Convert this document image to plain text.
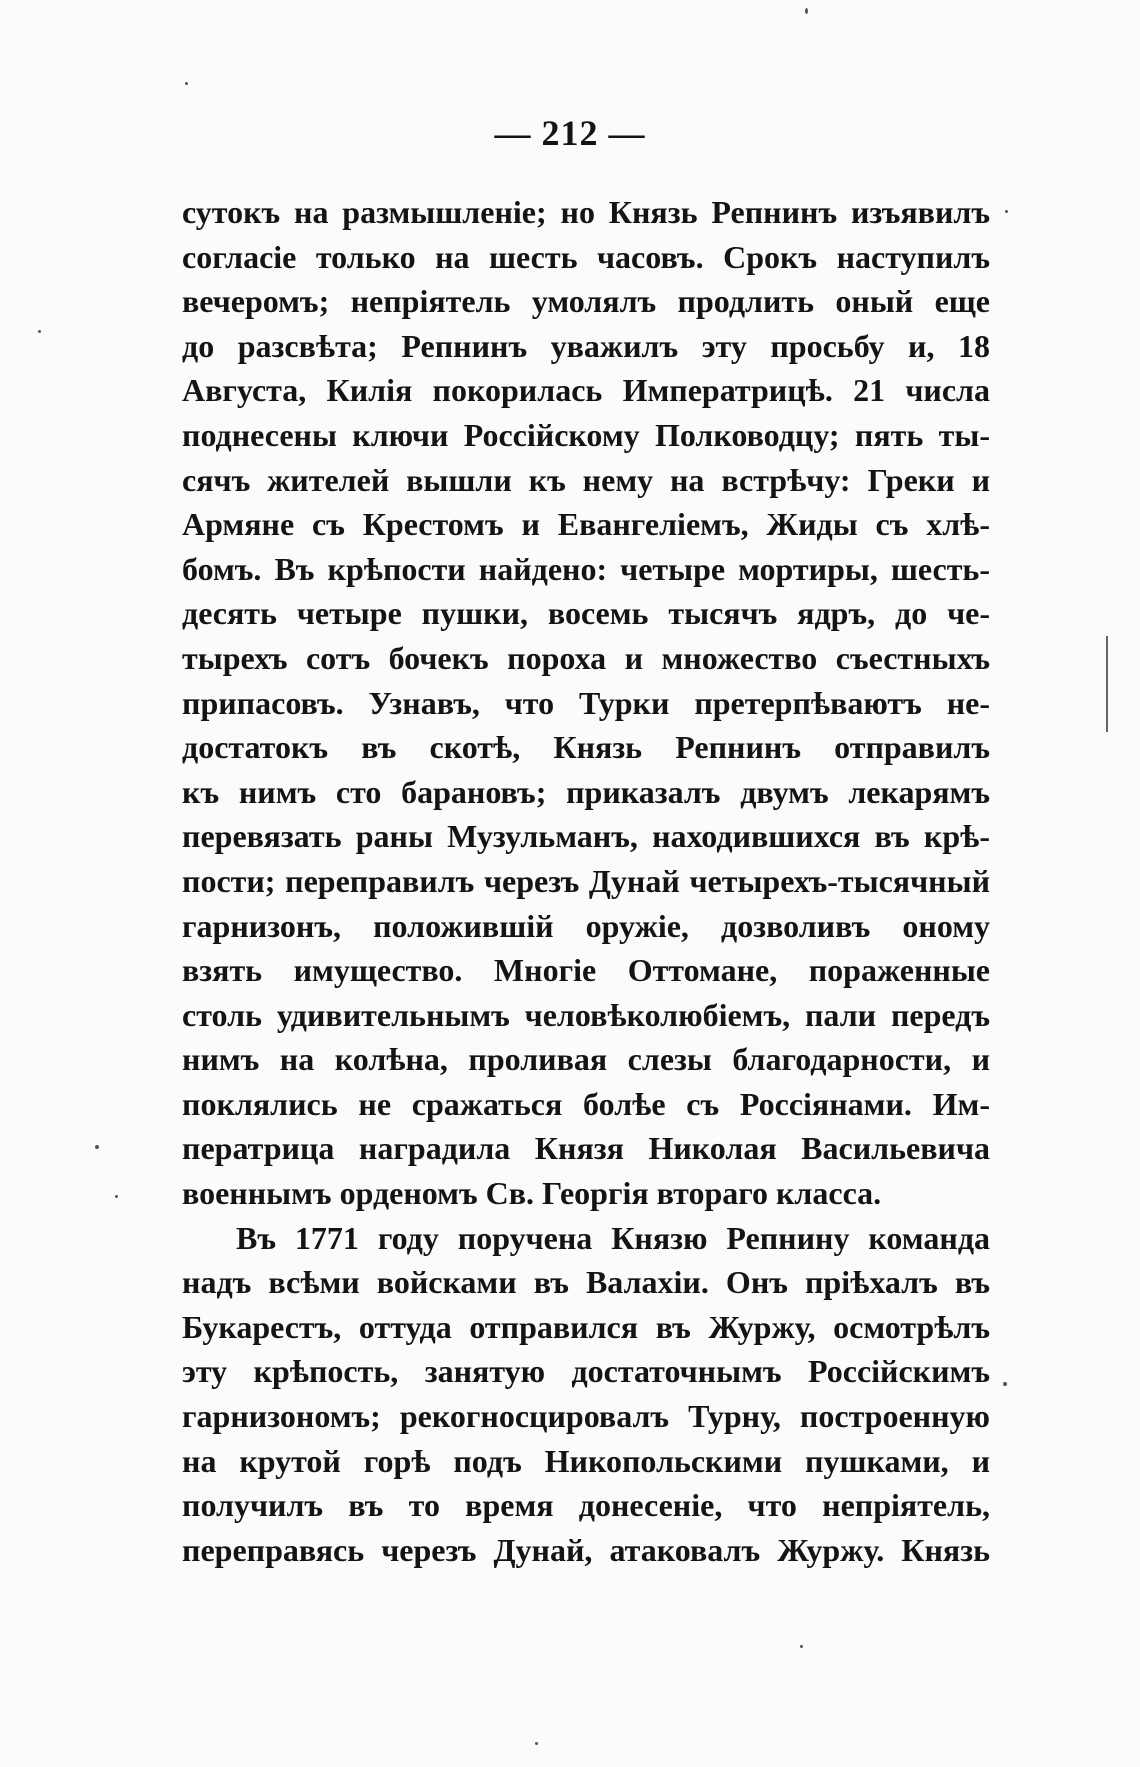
— 212 —
сутокъ на размышленіе; но Князь Репнинъ изъявилъ
согласіе только на шесть часовъ. Срокъ наступилъ
вечеромъ; непріятель умолялъ продлить оный еще
до разсвѣта; Репнинъ уважилъ эту просьбу и, 18
Августа, Килія покорилась Императрицѣ. 21 числа
поднесены ключи Россійскому Полководцу; пять ты-
сячъ жителей вышли къ нему на встрѣчу: Греки и
Армяне съ Крестомъ и Евангеліемъ, Жиды съ хлѣ-
бомъ. Въ крѣпости найдено: четыре мортиры, шесть-
десять четыре пушки, восемь тысячъ ядръ, до че-
тырехъ сотъ бочекъ пороха и множество съестныхъ
припасовъ. Узнавъ, что Турки претерпѣваютъ не-
достатокъ въ скотѣ, Князь Репнинъ отправилъ
къ нимъ сто барановъ; приказалъ двумъ лекарямъ
перевязать раны Музульманъ, находившихся въ крѣ-
пости; переправилъ черезъ Дунай четырехъ-тысячный
гарнизонъ, положившій оружіе, дозволивъ оному
взять имущество. Многіе Оттомане, пораженные
столь удивительнымъ человѣколюбіемъ, пали передъ
нимъ на колѣна, проливая слезы благодарности, и
поклялись не сражаться болѣе съ Россіянами. Им-
ператрица наградила Князя Николая Васильевича
военнымъ орденомъ Св. Георгія втораго класса.
Въ 1771 году поручена Князю Репнину команда
надъ всѣми войсками въ Валахіи. Онъ пріѣхалъ въ
Букарестъ, оттуда отправился въ Журжу, осмотрѣлъ
эту крѣпость, занятую достаточнымъ Россійскимъ
гарнизономъ; рекогносцировалъ Турну, построенную
на крутой горѣ подъ Никопольскими пушками, и
получилъ въ то время донесеніе, что непріятель,
переправясь черезъ Дунай, атаковалъ Журжу. Князь
